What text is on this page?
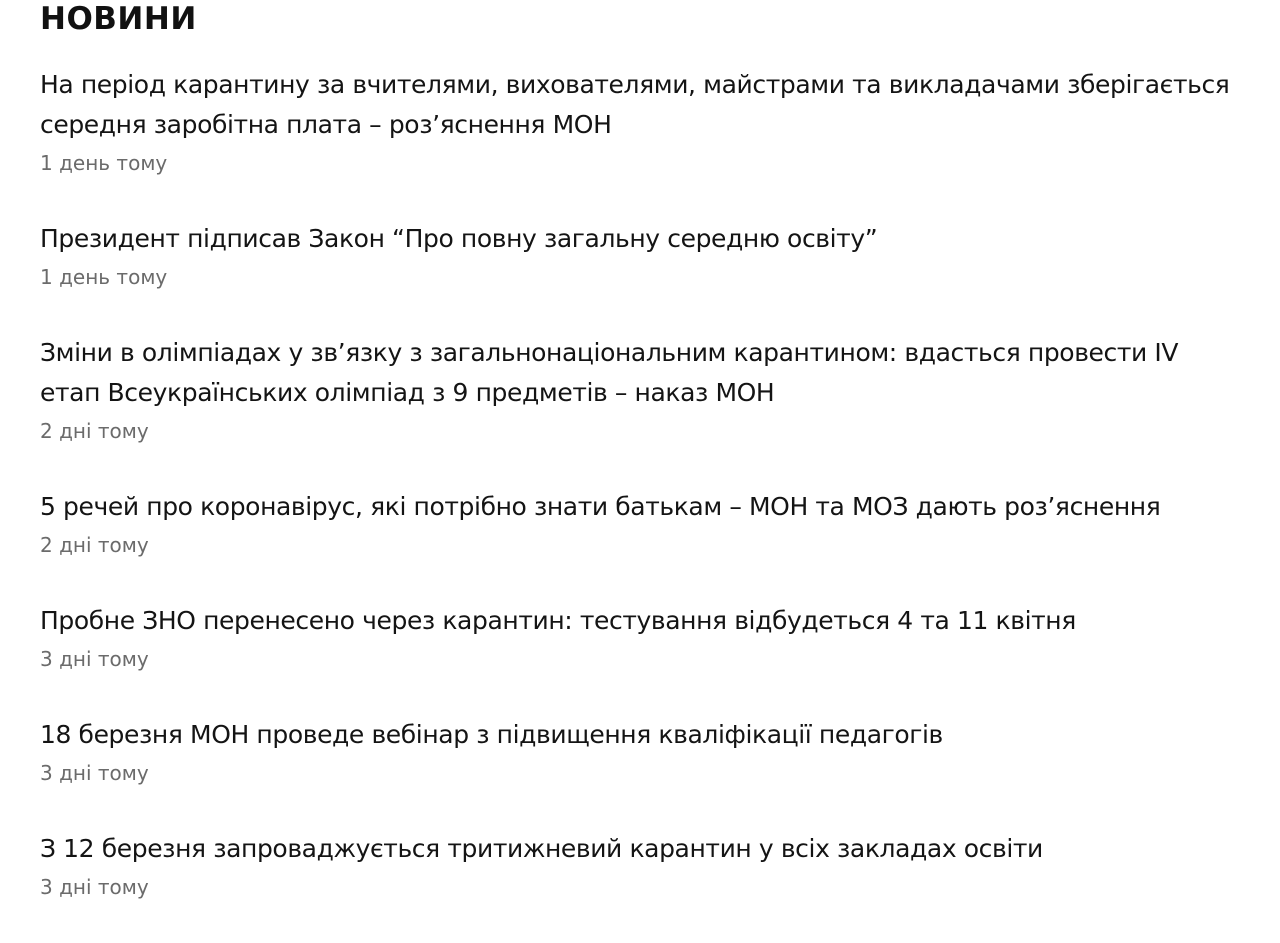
НОВИНИ
На період карантину за вчителями, вихователями, майстрами та викладачами зберігається середня заробітна плата – роз’яснення МОН
1 день тому
Президент підписав Закон “Про повну загальну середню освіту”
1 день тому
Зміни в олімпіадах у зв’язку з загальнонаціональним карантином: вдасться провести IV етап Всеукраїнських олімпіад з 9 предметів – наказ МОН
2 дні тому
5 речей про коронавірус, які потрібно знати батькам – МОН та МОЗ дають роз’яснення
2 дні тому
Пробне ЗНО перенесено через карантин: тестування відбудеться 4 та 11 квітня
3 дні тому
18 березня МОН проведе вебінар з підвищення кваліфікації педагогів
3 дні тому
З 12 березня запроваджується тритижневий карантин у всіх закладах освіти
3 дні тому
